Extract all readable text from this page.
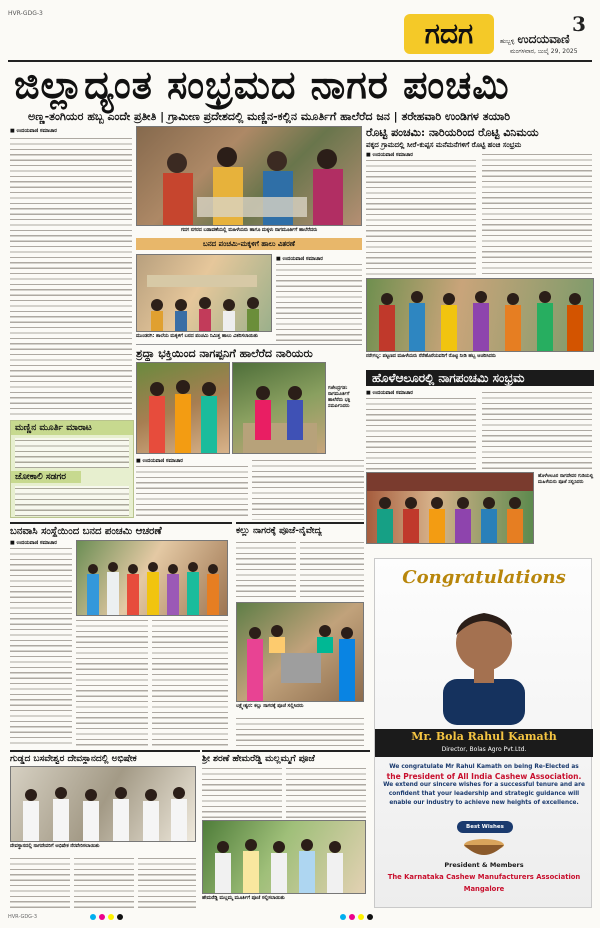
HVR-GDG-3
ಗದಗ	ಹುಬ್ಬಳ್ಳಿ ಉದಯವಾಣಿ
3
ಮಂಗಳವಾರ, ಜುಲೈ 29, 2025
ಜಿಲ್ಲಾದ್ಯಂತ ಸಂಭ್ರಮದ ನಾಗರ ಪಂಚಮಿ
ಅಣ್ಣ-ತಂಗಿಯರ ಹಬ್ಬ ಎಂದೇ ಪ್ರತೀತಿ | ಗ್ರಾಮೀಣ ಪ್ರದೇಶದಲ್ಲಿ ಮಣ್ಣಿನ-ಕಲ್ಲಿನ ಮೂರ್ತಿಗೆ ಹಾಲೆರೆದ ಜನ | ತರೇಹವಾರಿ ಉಂಡಿಗಳ ತಯಾರಿ
■ ಉದಯವಾಣಿ ಸಮಾಚಾರ
ಗದಗ ನಗರದ ಬಡಾವಣೆಯಲ್ಲಿ ಮಹಿಳೆಯರು ಹಾಗೂ ಮಕ್ಕಳು ನಾಗಮೂರ್ತಿಗೆ ಹಾಲೆರೆದರು
ಬನದ ಪಂಚಮಿ-ಮಕ್ಕಳಿಗೆ ಹಾಲು ವಿತರಣೆ
ಮುಂಡರಗಿ: ಶಾಲೆಯ ಮಕ್ಕಳಿಗೆ ಬನದ ಪಂಚಮಿ ನಿಮಿತ್ತ ಹಾಲು ವಿತರಿಸಲಾಯಿತು
■ ಉದಯವಾಣಿ ಸಮಾಚಾರ
ಮಣ್ಣಿನ ಮೂರ್ತಿ ಮಾರಾಟ
ಜೋಕಾಲಿ ಸಡಗರ
ರೊಟ್ಟಿ ಪಂಚಮಿ: ನಾರಿಯರಿಂದ ರೊಟ್ಟಿ ವಿನಿಮಯ
ಪಕ್ಕದ ಗ್ರಾಮದಲ್ಲಿ ಸೀರೆ-ಕುಪ್ಪಸ ಮನೆಮನೆಗಳಿಗೆ ರೊಟ್ಟಿ ಹಂಚಿ ಸಂಭ್ರಮ
■ ಉದಯವಾಣಿ ಸಮಾಚಾರ
ನರೇಗಲ್ಲ: ಪಟ್ಟಣದ ಮಹಿಳೆಯರು ನೆರೆಹೊರೆಯವರಿಗೆ ರೊಟ್ಟಿ ನೀಡಿ ಹಬ್ಬ ಆಚರಿಸಿದರು
ಶ್ರದ್ಧಾ ಭಕ್ತಿಯಿಂದ ನಾಗಪ್ಪನಿಗೆ ಹಾಲೆರೆದ ನಾರಿಯರು
ಗಜೇಂದ್ರಗಡ: ನಾಗಮೂರ್ತಿಗೆ ಹಾಲೆರೆದು ಭಕ್ತಿ ಸಮರ್ಪಿಸಿದರು
■ ಉದಯವಾಣಿ ಸಮಾಚಾರ
ಹೊಳೆಆಲೂರಲ್ಲಿ ನಾಗಪಂಚಮಿ ಸಂಭ್ರಮ
■ ಉದಯವಾಣಿ ಸಮಾಚಾರ
ಹೊಳೆಆಲೂರ ನಾಗದೇವರ ಗುಡಿಯಲ್ಲಿ ಮಹಿಳೆಯರು ಪೂಜೆ ಸಲ್ಲಿಸಿದರು
ಬನವಾಸಿ ಸಂಸ್ಥೆಯಿಂದ ಬನದ ಪಂಚಮಿ ಆಚರಣೆ
■ ಉದಯವಾಣಿ ಸಮಾಚಾರ
ಕಲ್ಲು ನಾಗರಕ್ಕೆ ಪೂಜೆ-ನೈವೇದ್ಯ
ಲಕ್ಷ್ಮೇಶ್ವರ: ಕಲ್ಲು ನಾಗರಕ್ಕೆ ಪೂಜೆ ಸಲ್ಲಿಸಿದರು
ಗುಡ್ಡದ ಬಸವೇಶ್ವರ ದೇವಸ್ಥಾನದಲ್ಲಿ ಅಭಿಷೇಕ
ದೇವಸ್ಥಾನದಲ್ಲಿ ನಾಗದೇವರಿಗೆ ಅಭಿಷೇಕ ನೆರವೇರಿಸಲಾಯಿತು
ಶ್ರೀ ಶರಣೆ ಹೇಮರೆಡ್ಡಿ ಮಲ್ಲಮ್ಮಗೆ ಪೂಜೆ
ಹೇಮರೆಡ್ಡಿ ಮಲ್ಲಮ್ಮ ಮೂರ್ತಿಗೆ ಪೂಜೆ ಸಲ್ಲಿಸಲಾಯಿತು
Congratulations
Mr. Bola Rahul Kamath
Director, Bolas Agro Pvt.Ltd.
We congratulate Mr Rahul Kamath on being Re-Elected as
the President of All India Cashew Association.
We extend our sincere wishes for a successful tenure and are
confident that your leadership and strategic guidance will
enable our industry to achieve new heights of excellence.
Best Wishes
President & Members
The Karnataka Cashew Manufacturers Association
Mangalore
HVR-GDG-3
